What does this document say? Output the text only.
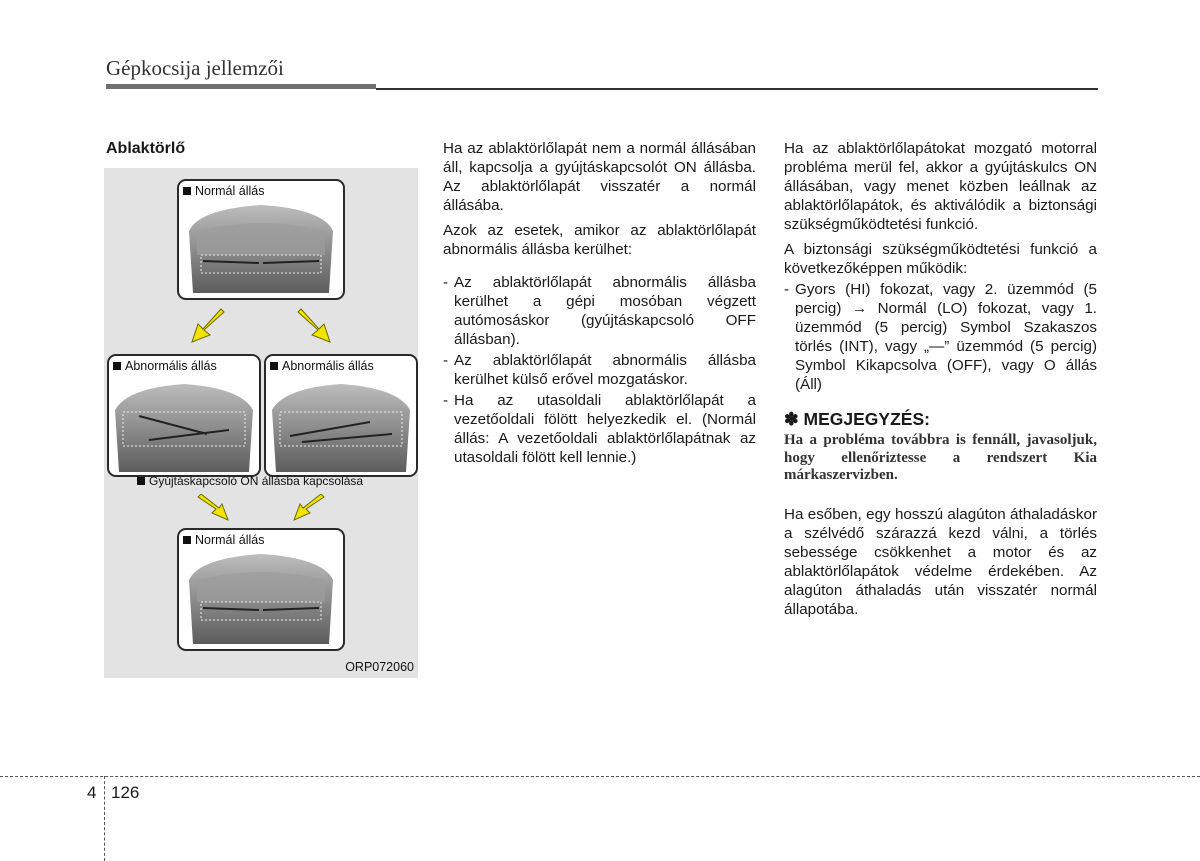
Gépkocsija jellemzői
Ablaktörlő
Normál állás
Abnormális állás	Abnormális állás
Gyújtáskapcsoló ON állásba kapcsolása
Normál állás
ORP072060

Ha az ablaktörlőlapát nem a normál állásában áll, kapcsolja a gyújtáskapcsolót ON állásba. Az ablaktörlőlapát visszatér a normál állásába.

Azok az esetek, amikor az ablaktörlőlapát abnormális állásba kerülhet:

- Az ablaktörlőlapát abnormális állásba kerülhet a gépi mosóban végzett autómosáskor (gyújtáskapcsoló OFF állásban).
- Az ablaktörlőlapát abnormális állásba kerülhet külső erővel mozgatáskor.
- Ha az utasoldali ablaktörlőlapát a vezetőoldali fölött helyezkedik el. (Normál állás: A vezetőoldali ablaktörlőlapátnak az utasoldali fölött kell lennie.)

Ha az ablaktörlőlapátokat mozgató motorral probléma merül fel, akkor a gyújtáskulcs ON állásában, vagy menet közben leállnak az ablaktörlőlapátok, és aktiválódik a biztonsági szükségműködtetési funkció.

A biztonsági szükségműködtetési funkció a következőképpen működik:

- Gyors (HI) fokozat, vagy 2. üzemmód (5 percig) → Normál (LO) fokozat, vagy 1. üzemmód (5 percig) Symbol Szakaszos törlés (INT), vagy „—” üzemmód (5 percig) Symbol Kikapcsolva (OFF), vagy O állás (Áll)
✽ MEGJEGYZÉS:
Ha a probléma továbbra is fennáll, javasoljuk, hogy ellenőriztesse a rendszert Kia márkaszervizben.

Ha esőben, egy hosszú alagúton áthaladáskor a szélvédő szárazzá kezd válni, a törlés sebessége csökkenhet a motor és az ablaktörlőlapátok védelme érdekében. Az alagúton áthaladás után visszatér normál állapotába.

4 126
